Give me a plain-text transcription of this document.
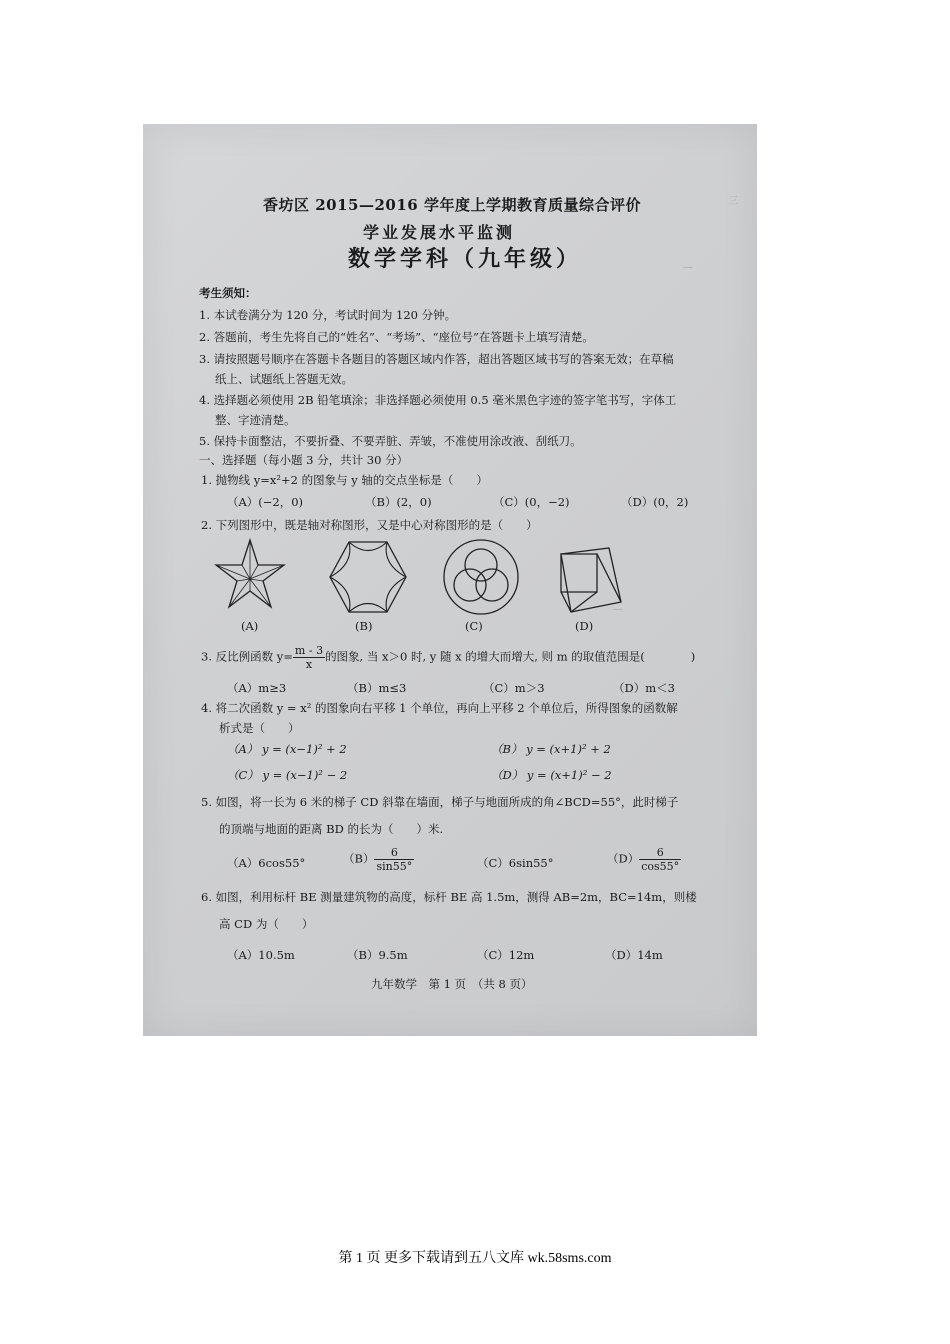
三
—
—
香坊区 2015—2016 学年度上学期教育质量综合评价
学业发展水平监测
数学学科（九年级）
考生须知：
1. 本试卷满分为 120 分，考试时间为 120 分钟。
2. 答题前，考生先将自己的“姓名”、“考场”、“座位号”在答题卡上填写清楚。
3. 请按照题号顺序在答题卡各题目的答题区域内作答，超出答题区域书写的答案无效；在草稿
纸上、试题纸上答题无效。
4. 选择题必须使用 2B 铅笔填涂；非选择题必须使用 0.5 毫米黑色字迹的签字笔书写，字体工
整、字迹清楚。
5. 保持卡面整洁，不要折叠、不要弄脏、弄皱，不准使用涂改液、刮纸刀。
一、选择题（每小题 3 分，共计 30 分）
1. 抛物线 y=x²+2 的图象与 y 轴的交点坐标是（　　）
（A）(−2，0)	（B）(2，0)	（C）(0，−2)	（D）(0，2)
2. 下列图形中，既是轴对称图形，又是中心对称图形的是（　　）
(A)	(B)	(C)	(D)
3. 反比例函数 $y= \frac{m - 3}{x}$ 的图象, 当 x＞0 时, y 随 x 的增大而增大, 则 m 的取值范围是(　　　　)
（A）m≥3	（B）m≤3	（C）m＞3	（D）m＜3
4. 将二次函数 y = x² 的图象向右平移 1 个单位，再向上平移 2 个单位后，所得图象的函数解
析式是（　　）
（A） y = (x−1)² + 2	（B） y = (x+1)² + 2
（C） y = (x−1)² − 2	（D） y = (x+1)² − 2
5. 如图，将一长为 6 米的梯子 CD 斜靠在墙面，梯子与地面所成的角∠BCD=55°，此时梯子
的顶端与地面的距离 BD 的长为（　　）米.
（A）6cos55°	$(B) \frac{6}{\sin 55^\circ}$	（C）6sin55°	$(D) \frac{6}{\cos 55^\circ}$
6. 如图，利用标杆 BE 测量建筑物的高度，标杆 BE 高 1.5m，测得 AB=2m，BC=14m，则楼
高 CD 为（　　）
（A）10.5m	（B）9.5m	（C）12m	（D）14m
九年数学　第 1 页　（共 8 页）
第 1 页 更多下载请到五八文库 wk.58sms.com
